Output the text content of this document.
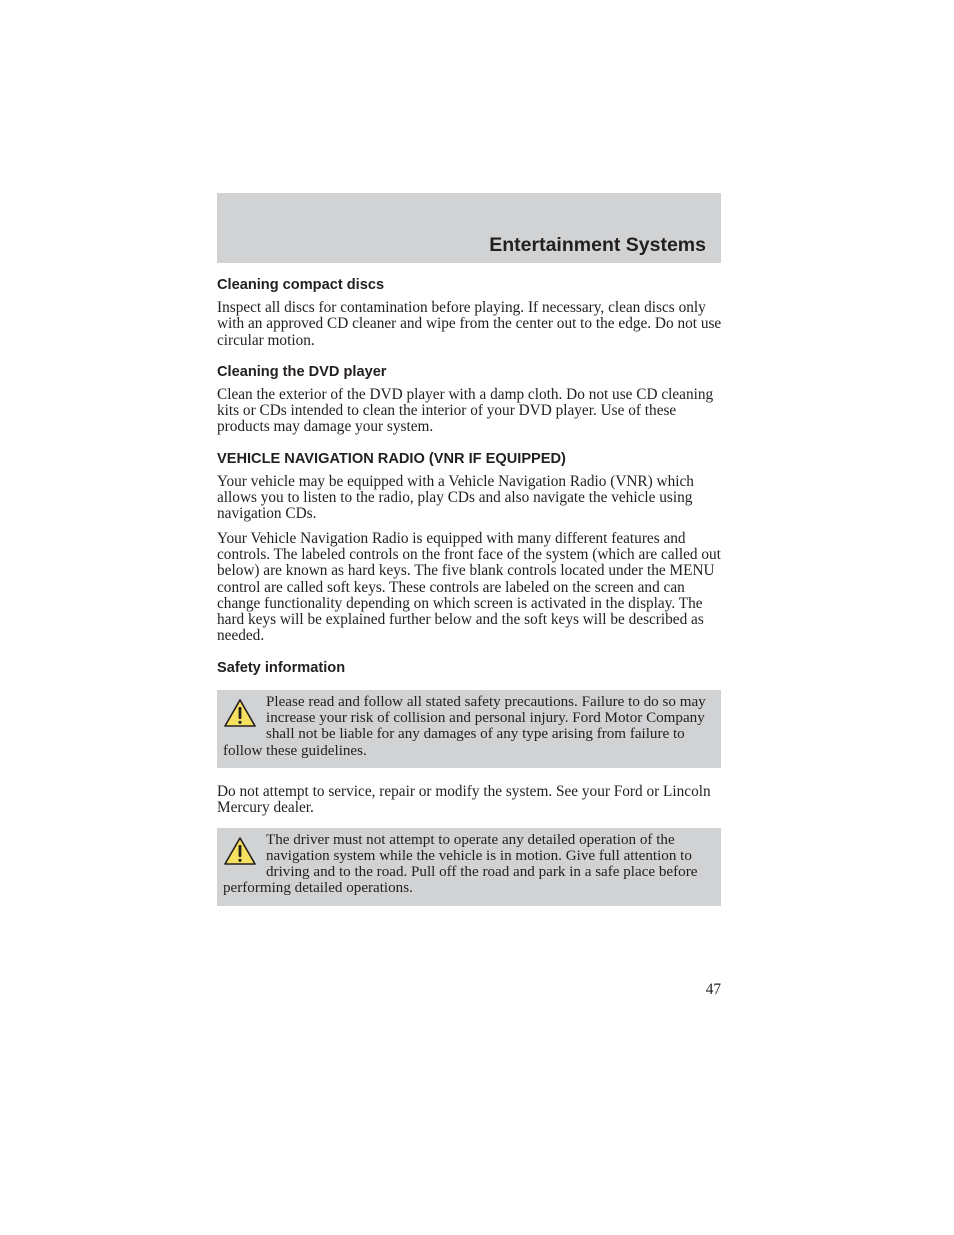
Entertainment Systems
Cleaning compact discs

Inspect all discs for contamination before playing. If necessary, clean discs only with an approved CD cleaner and wipe from the center out to the edge. Do not use circular motion.

Cleaning the DVD player

Clean the exterior of the DVD player with a damp cloth. Do not use CD cleaning kits or CDs intended to clean the interior of your DVD player. Use of these products may damage your system.

VEHICLE NAVIGATION RADIO (VNR IF EQUIPPED)

Your vehicle may be equipped with a Vehicle Navigation Radio (VNR) which allows you to listen to the radio, play CDs and also navigate the vehicle using navigation CDs.

Your Vehicle Navigation Radio is equipped with many different features and controls. The labeled controls on the front face of the system (which are called out below) are known as hard keys. The five blank controls located under the MENU control are called soft keys. These controls are labeled on the screen and can change functionality depending on which screen is activated in the display. The hard keys will be explained further below and the soft keys will be described as needed.

Safety information

Please read and follow all stated safety precautions. Failure to do so may increase your risk of collision and personal injury. Ford Motor Company shall not be liable for any damages of any type arising from failure to follow these guidelines.

Do not attempt to service, repair or modify the system. See your Ford or Lincoln Mercury dealer.

The driver must not attempt to operate any detailed operation of the navigation system while the vehicle is in motion. Give full attention to driving and to the road. Pull off the road and park in a safe place before performing detailed operations.

47
